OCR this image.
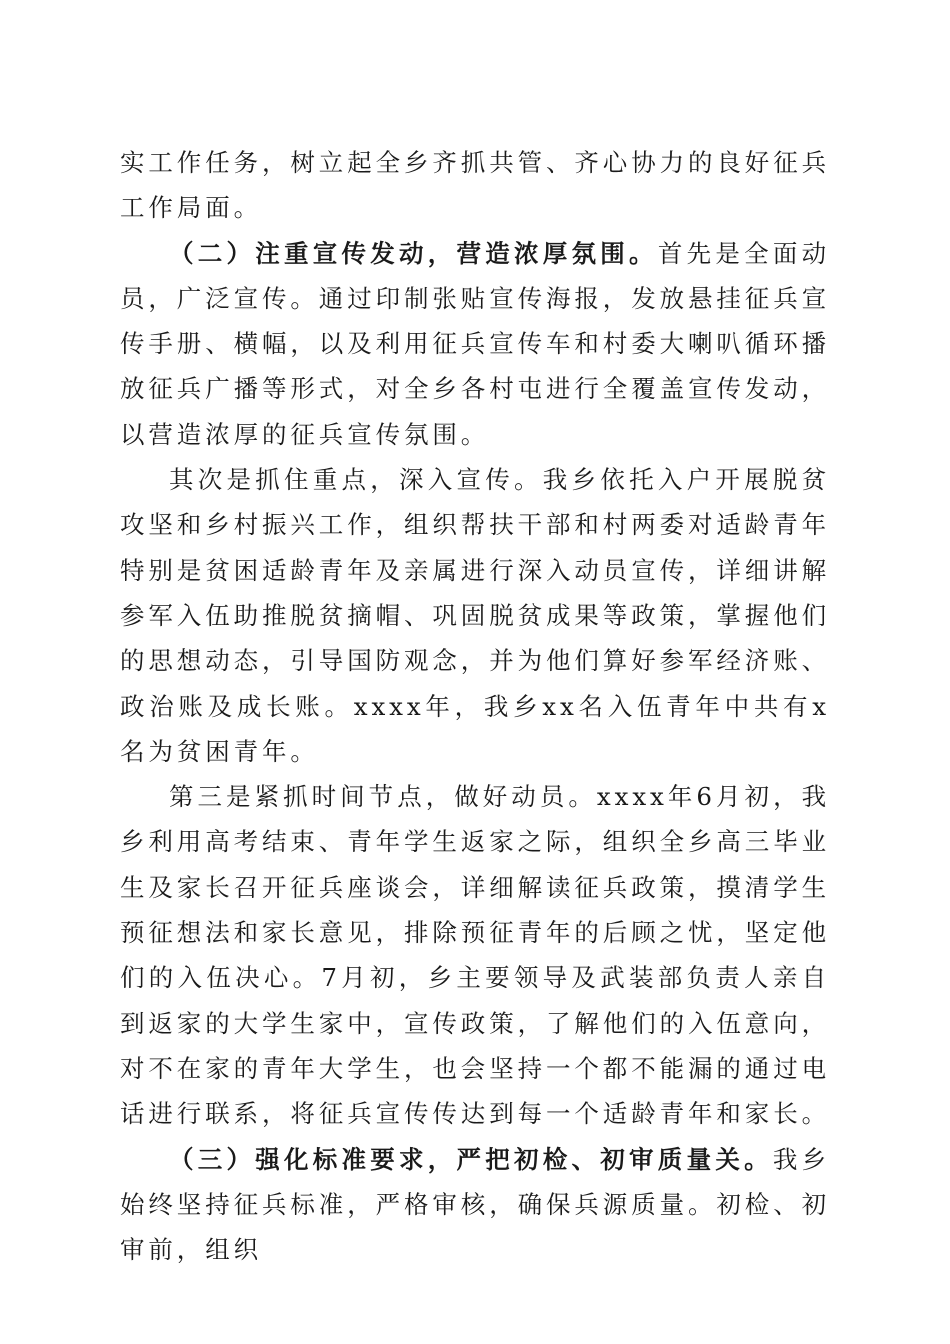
实工作任务，树立起全乡齐抓共管、齐心协力的良好征兵工作局面。

（二）注重宣传发动，营造浓厚氛围。首先是全面动员，广泛宣传。通过印制张贴宣传海报，发放悬挂征兵宣传手册、横幅，以及利用征兵宣传车和村委大喇叭循环播放征兵广播等形式，对全乡各村屯进行全覆盖宣传发动，以营造浓厚的征兵宣传氛围。

其次是抓住重点，深入宣传。我乡依托入户开展脱贫攻坚和乡村振兴工作，组织帮扶干部和村两委对适龄青年特别是贫困适龄青年及亲属进行深入动员宣传，详细讲解参军入伍助推脱贫摘帽、巩固脱贫成果等政策，掌握他们的思想动态，引导国防观念，并为他们算好参军经济账、政治账及成长账。xxxx年，我乡xx名入伍青年中共有x名为贫困青年。

第三是紧抓时间节点，做好动员。xxxx年6月初，我乡利用高考结束、青年学生返家之际，组织全乡高三毕业生及家长召开征兵座谈会，详细解读征兵政策，摸清学生预征想法和家长意见，排除预征青年的后顾之忧，坚定他们的入伍决心。7月初，乡主要领导及武装部负责人亲自到返家的大学生家中，宣传政策，了解他们的入伍意向，对不在家的青年大学生，也会坚持一个都不能漏的通过电话进行联系，将征兵宣传传达到每一个适龄青年和家长。

（三）强化标准要求，严把初检、初审质量关。我乡始终坚持征兵标准，严格审核，确保兵源质量。初检、初审前，组织
